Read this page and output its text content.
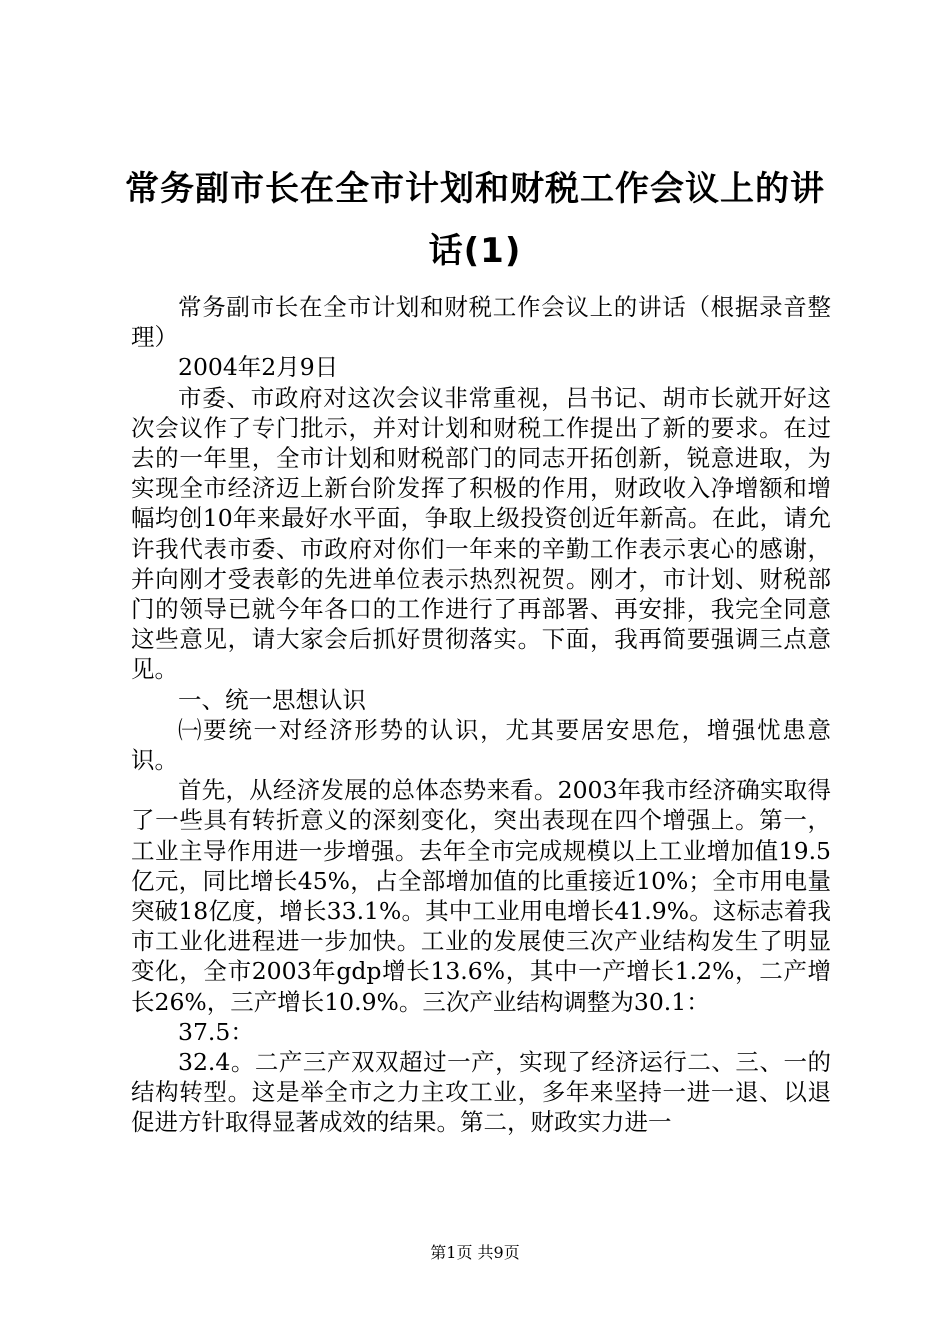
常务副市长在全市计划和财税工作会议上的讲话(1)

常务副市长在全市计划和财税工作会议上的讲话（根据录音整理）

2004年2月9日

市委、市政府对这次会议非常重视，吕书记、胡市长就开好这次会议作了专门批示，并对计划和财税工作提出了新的要求。在过去的一年里，全市计划和财税部门的同志开拓创新，锐意进取，为实现全市经济迈上新台阶发挥了积极的作用，财政收入净增额和增幅均创10年来最好水平面，争取上级投资创近年新高。在此，请允许我代表市委、市政府对你们一年来的辛勤工作表示衷心的感谢，并向刚才受表彰的先进单位表示热烈祝贺。刚才，市计划、财税部门的领导已就今年各口的工作进行了再部署、再安排，我完全同意这些意见，请大家会后抓好贯彻落实。下面，我再简要强调三点意见。

一、统一思想认识

㈠要统一对经济形势的认识，尤其要居安思危，增强忧患意识。

首先，从经济发展的总体态势来看。2003年我市经济确实取得了一些具有转折意义的深刻变化，突出表现在四个增强上。第一，工业主导作用进一步增强。去年全市完成规模以上工业增加值19.5亿元，同比增长45%，占全部增加值的比重接近10%；全市用电量突破18亿度，增长33.1%。其中工业用电增长41.9%。这标志着我市工业化进程进一步加快。工业的发展使三次产业结构发生了明显变化，全市2003年gdp增长13.6%，其中一产增长1.2%，二产增长26%，三产增长10.9%。三次产业结构调整为30.1：

37.5：

32.4。二产三产双双超过一产，实现了经济运行二、三、一的结构转型。这是举全市之力主攻工业，多年来坚持一进一退、以退促进方针取得显著成效的结果。第二，财政实力进一

第1页 共9页
